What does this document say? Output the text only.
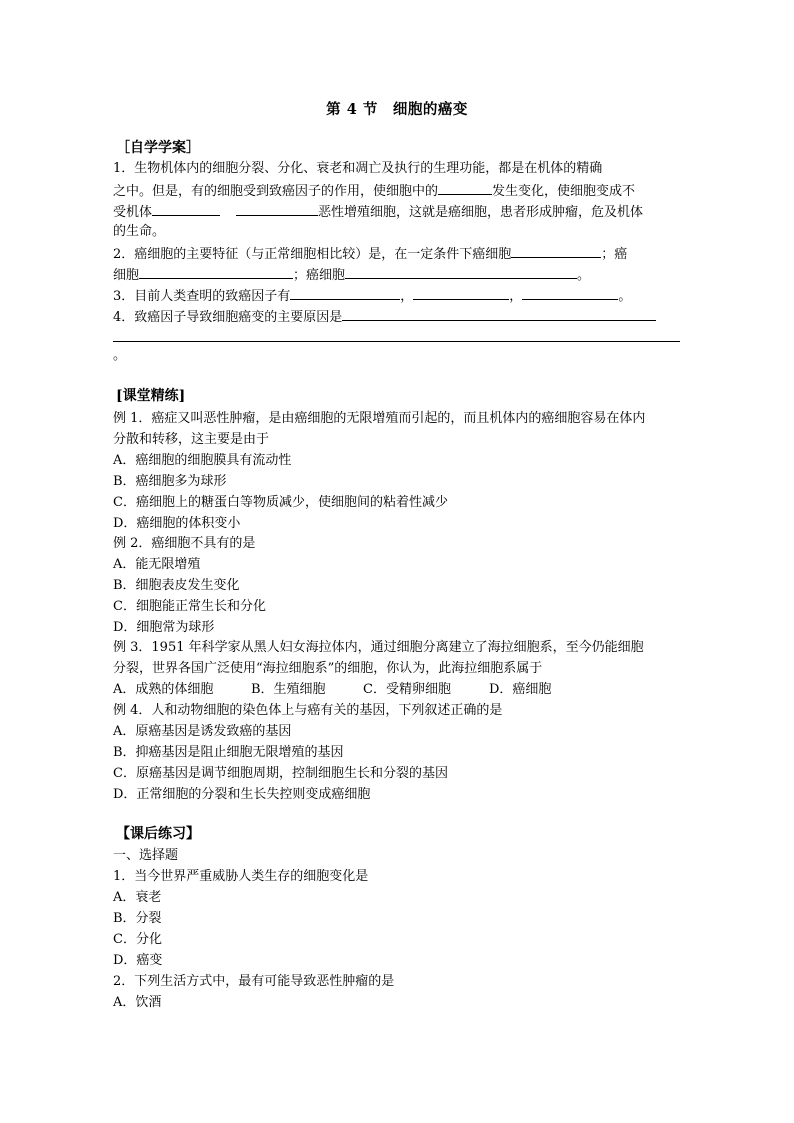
第 4 节　细胞的癌变
［自学学案］
1．生物机体内的细胞分裂、分化、衰老和凋亡及执行的生理功能，都是在机体的精确
之中。但是，有的细胞受到致癌因子的作用，使细胞中的	发生变化，使细胞变成不
受机体	恶性增殖细胞，这就是癌细胞，患者形成肿瘤，危及机体
的生命。
2．癌细胞的主要特征（与正常细胞相比较）是，在一定条件下癌细胞	；癌
细胞	；癌细胞	。
3．目前人类查明的致癌因子有	，	，	。
4．致癌因子导致细胞癌变的主要原因是
。
[课堂精练]
例 1．癌症又叫恶性肿瘤，是由癌细胞的无限增殖而引起的，而且机体内的癌细胞容易在体内
分散和转移，这主要是由于
A．癌细胞的细胞膜具有流动性
B．癌细胞多为球形
C．癌细胞上的糖蛋白等物质减少，使细胞间的粘着性减少
D．癌细胞的体积变小
例 2．癌细胞不具有的是
A．能无限增殖
B．细胞表皮发生变化
C．细胞能正常生长和分化
D．细胞常为球形
例 3．1951 年科学家从黑人妇女海拉体内，通过细胞分离建立了海拉细胞系，至今仍能细胞
分裂，世界各国广泛使用“海拉细胞系”的细胞，你认为，此海拉细胞系属于
A．成熟的体细胞	B．生殖细胞	C．受精卵细胞	D．癌细胞
例 4．人和动物细胞的染色体上与癌有关的基因，下列叙述正确的是
A．原癌基因是诱发致癌的基因
B．抑癌基因是阻止细胞无限增殖的基因
C．原癌基因是调节细胞周期，控制细胞生长和分裂的基因
D．正常细胞的分裂和生长失控则变成癌细胞
【课后练习】
一、选择题
1．当今世界严重威胁人类生存的细胞变化是
A．衰老
B．分裂
C．分化
D．癌变
2．下列生活方式中，最有可能导致恶性肿瘤的是
A．饮酒
